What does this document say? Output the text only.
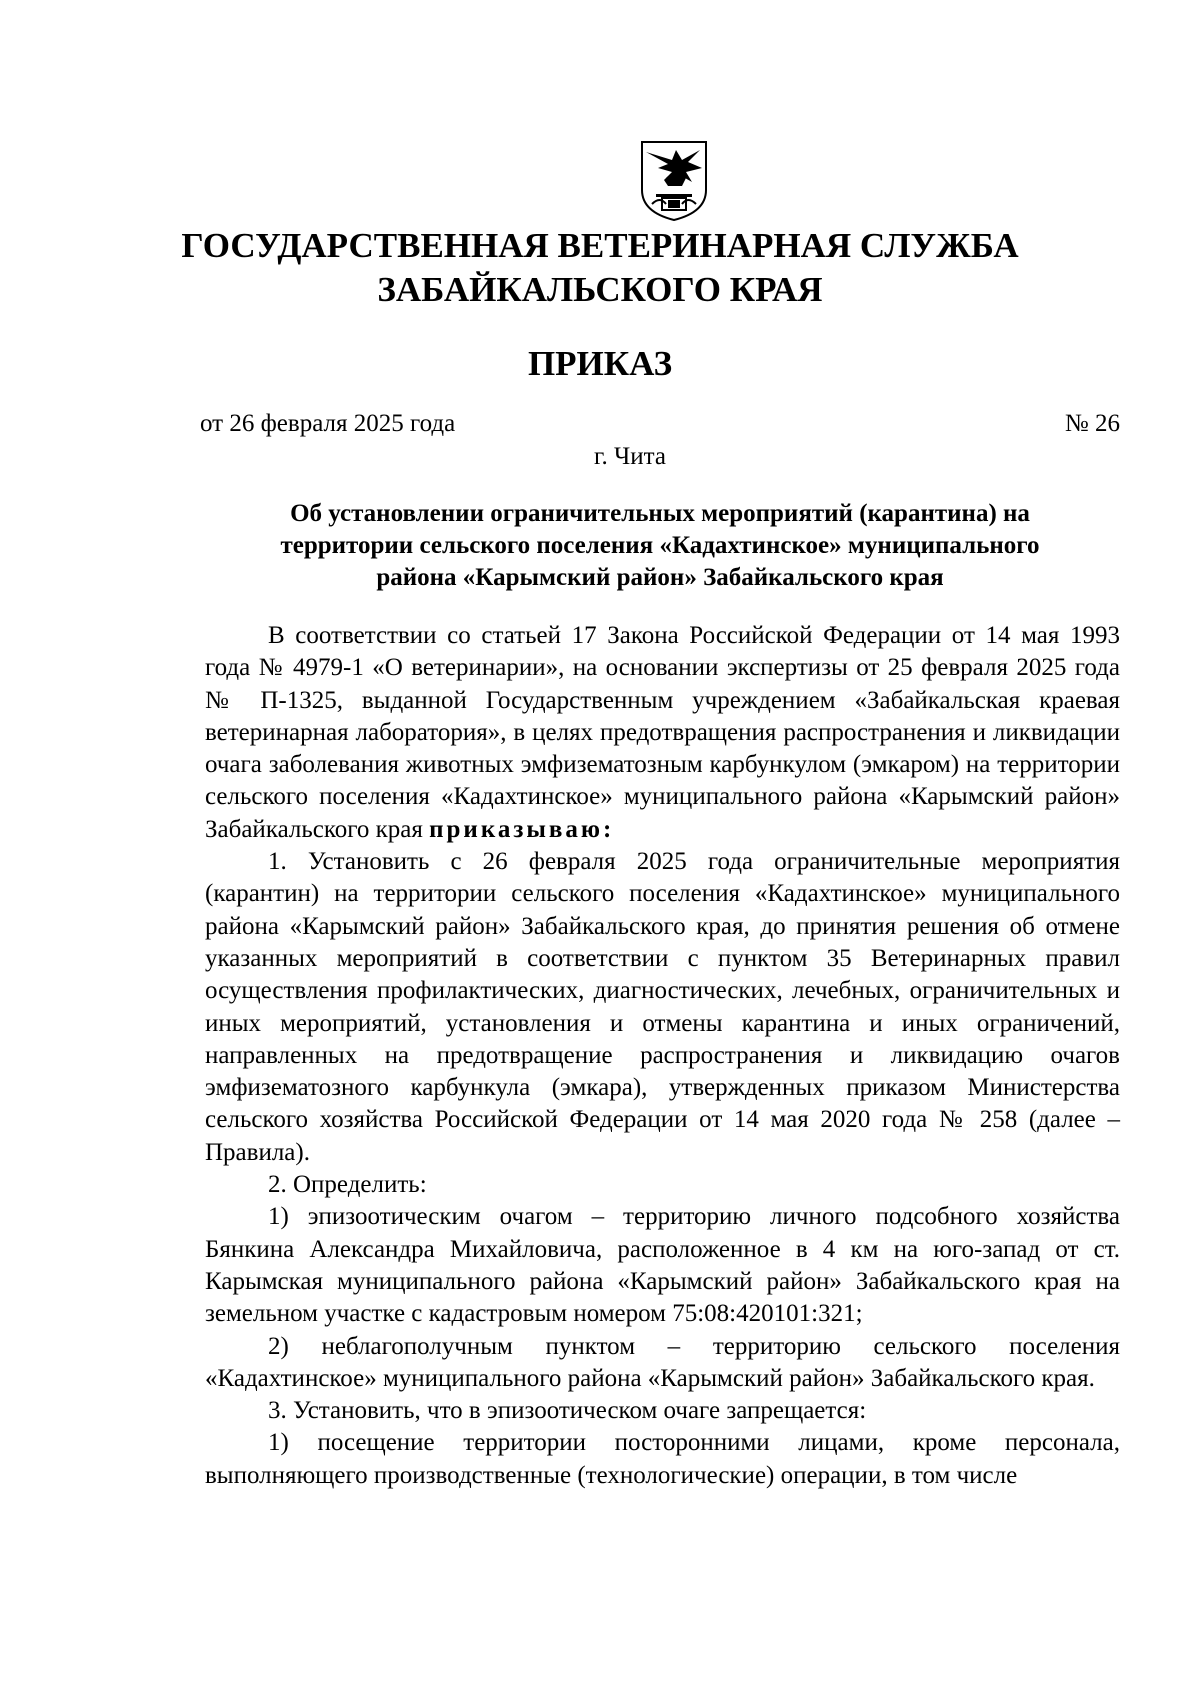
ГОСУДАРСТВЕННАЯ ВЕТЕРИНАРНАЯ СЛУЖБА
ЗАБАЙКАЛЬСКОГО КРАЯ
ПРИКАЗ
от 26 февраля 2025 года	№ 26
г. Чита
Об установлении ограничительных мероприятий (карантина) на
территории сельского поселения «Кадахтинское» муниципального
района «Карымский район» Забайкальского края

В соответствии со статьей 17 Закона Российской Федерации от 14 мая 1993 года № 4979-1 «О ветеринарии», на основании экспертизы от 25 февраля 2025 года № П-1325, выданной Государственным учреждением «Забайкальская краевая ветеринарная лаборатория», в целях предотвращения распространения и ликвидации очага заболевания животных эмфизематозным карбункулом (эмкаром) на территории сельского поселения «Кадахтинское» муниципального района «Карымский район» Забайкальского края приказываю:

1. Установить с 26 февраля 2025 года ограничительные мероприятия (карантин) на территории сельского поселения «Кадахтинское» муниципального района «Карымский район» Забайкальского края, до принятия решения об отмене указанных мероприятий в соответствии с пунктом 35 Ветеринарных правил осуществления профилактических, диагностических, лечебных, ограничительных и иных мероприятий, установления и отмены карантина и иных ограничений, направленных на предотвращение распространения и ликвидацию очагов эмфизематозного карбункула (эмкара), утвержденных приказом Министерства сельского хозяйства Российской Федерации от 14 мая 2020 года № 258 (далее – Правила).

2. Определить:

1) эпизоотическим очагом – территорию личного подсобного хозяйства Бянкина Александра Михайловича, расположенное в 4 км на юго-запад от ст. Карымская муниципального района «Карымский район» Забайкальского края на земельном участке с кадастровым номером 75:08:420101:321;

2) неблагополучным пунктом – территорию сельского поселения «Кадахтинское» муниципального района «Карымский район» Забайкальского края.

3. Установить, что в эпизоотическом очаге запрещается:

1) посещение территории посторонними лицами, кроме персонала, выполняющего производственные (технологические) операции, в том числе
